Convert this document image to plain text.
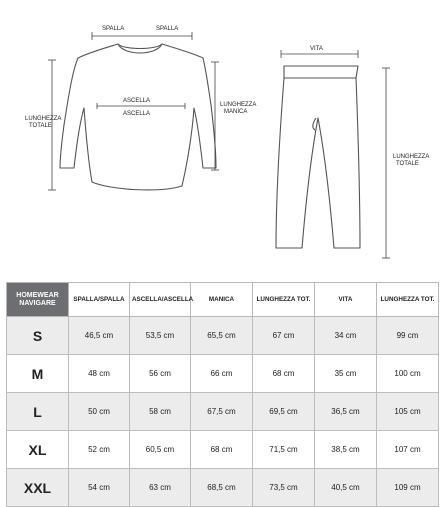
SPALLA	SPALLA
ASCELLA
ASCELLA
LUNGHEZZA
TOTALE
LUNGHEZZA
MANICA
VITA
LUNGHEZZA
TOTALE
HOMEWEAR
NAVIGARE	SPALLA/SPALLA	ASCELLA/ASCELLA	MANICA	LUNGHEZZA TOT.	VITA	LUNGHEZZA TOT.
S	46,5 cm	53,5 cm	65,5 cm	67 cm	34 cm	99 cm
M	48 cm	56 cm	66 cm	68 cm	35 cm	100 cm
L	50 cm	58 cm	67,5 cm	69,5 cm	36,5 cm	105 cm
XL	52 cm	60,5 cm	68 cm	71,5 cm	38,5 cm	107 cm
XXL	54 cm	63 cm	68,5 cm	73,5 cm	40,5 cm	109 cm
